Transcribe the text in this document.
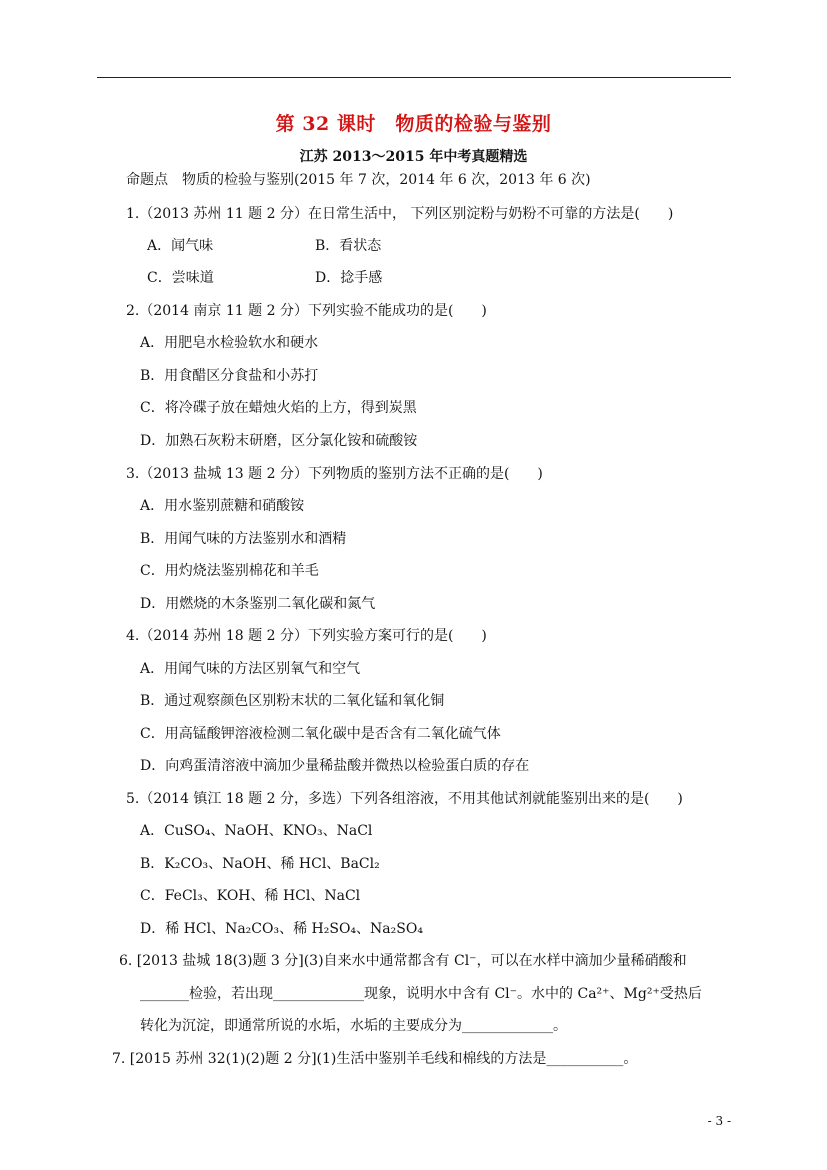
第 32 课时　物质的检验与鉴别
江苏 2013～2015 年中考真题精选
命题点　物质的检验与鉴别(2015 年 7 次，2014 年 6 次，2013 年 6 次)
1.（2013 苏州 11 题 2 分）在日常生活中， 下列区别淀粉与奶粉不可靠的方法是(　　)
A．闻气味	B．看状态
C．尝味道	D．捻手感
2.（2014 南京 11 题 2 分）下列实验不能成功的是(　　)
A．用肥皂水检验软水和硬水
B．用食醋区分食盐和小苏打
C．将冷碟子放在蜡烛火焰的上方，得到炭黑
D．加熟石灰粉末研磨，区分氯化铵和硫酸铵
3.（2013 盐城 13 题 2 分）下列物质的鉴别方法不正确的是(　　)
A．用水鉴别蔗糖和硝酸铵
B．用闻气味的方法鉴别水和酒精
C．用灼烧法鉴别棉花和羊毛
D．用燃烧的木条鉴别二氧化碳和氮气
4.（2014 苏州 18 题 2 分）下列实验方案可行的是(　　)
A．用闻气味的方法区别氧气和空气
B．通过观察颜色区别粉末状的二氧化锰和氧化铜
C．用高锰酸钾溶液检测二氧化碳中是否含有二氧化硫气体
D．向鸡蛋清溶液中滴加少量稀盐酸并微热以检验蛋白质的存在
5.（2014 镇江 18 题 2 分，多选）下列各组溶液，不用其他试剂就能鉴别出来的是(　　)
A．CuSO₄、NaOH、KNO₃、NaCl
B．K₂CO₃、NaOH、稀 HCl、BaCl₂
C．FeCl₃、KOH、稀 HCl、NaCl
D．稀 HCl、Na₂CO₃、稀 H₂SO₄、Na₂SO₄
6. [2013 盐城 18(3)题 3 分](3)自来水中通常都含有 Cl⁻，可以在水样中滴加少量稀硝酸和
_______检验，若出现_____________现象，说明水中含有 Cl⁻。水中的 Ca²⁺、Mg²⁺受热后
转化为沉淀，即通常所说的水垢，水垢的主要成分为_____________。
7. [2015 苏州 32(1)(2)题 2 分](1)生活中鉴别羊毛线和棉线的方法是___________。
- 3 -
